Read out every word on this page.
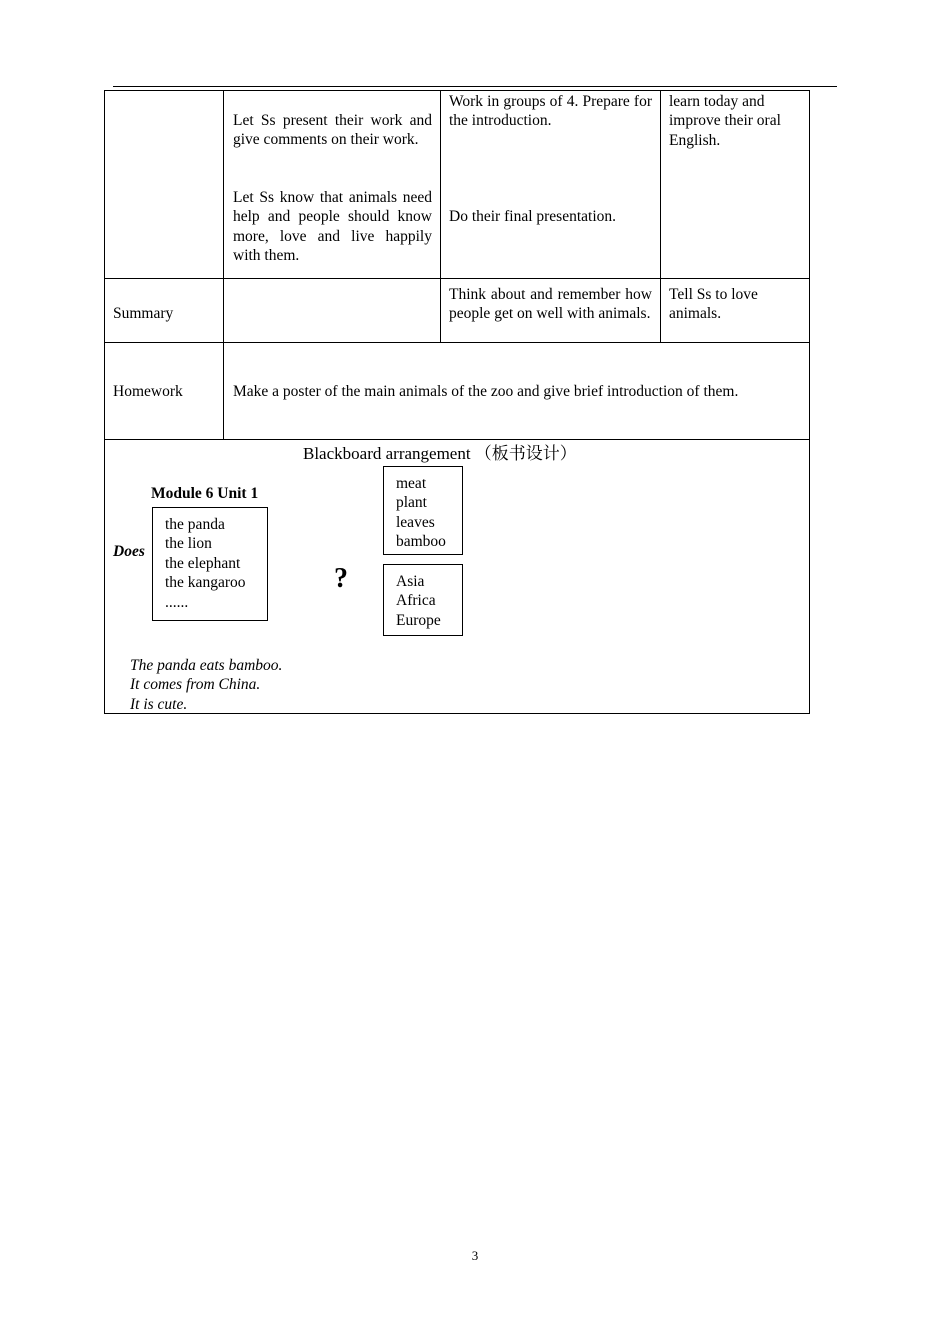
Let Ss present their work and give comments on their work.
Let Ss know that animals need help and people should know more, love and live happily with them.
Work in groups of 4. Prepare for the introduction.
Do their final presentation.
learn today and improve their oral English.
Summary
Think about and remember how people get on well with animals.
Tell Ss to love animals.
Homework	Make a poster of the main animals of the zoo and give brief introduction of them.
Blackboard arrangement （板书设计）
Module 6 Unit 1
Does
the panda
the lion
the elephant
the kangaroo
......
?
meat
plant
leaves
bamboo
Asia
Africa
Europe
The panda eats bamboo.
It comes from China.
It is cute.
3
